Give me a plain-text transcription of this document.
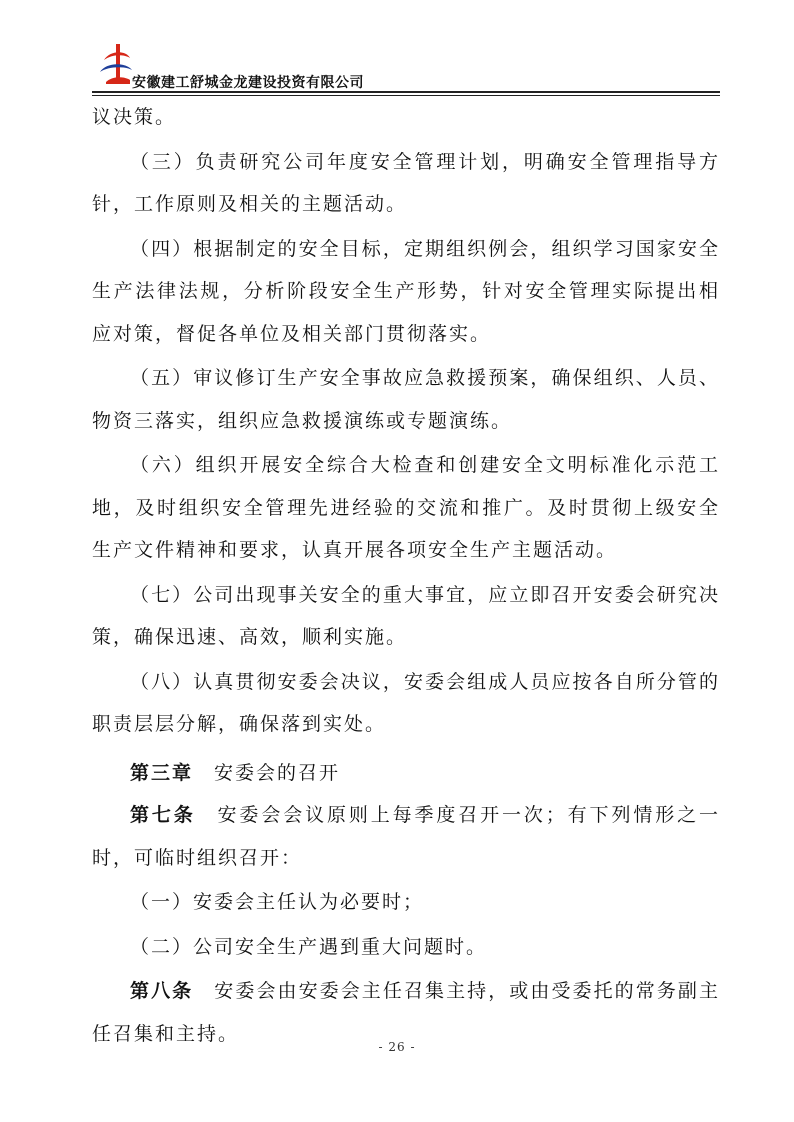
安徽建工舒城金龙建设投资有限公司

议决策。

（三）负责研究公司年度安全管理计划，明确安全管理指导方针，工作原则及相关的主题活动。

（四）根据制定的安全目标，定期组织例会，组织学习国家安全生产法律法规，分析阶段安全生产形势，针对安全管理实际提出相应对策，督促各单位及相关部门贯彻落实。

（五）审议修订生产安全事故应急救援预案，确保组织、人员、物资三落实，组织应急救援演练或专题演练。

（六）组织开展安全综合大检查和创建安全文明标准化示范工地，及时组织安全管理先进经验的交流和推广。及时贯彻上级安全生产文件精神和要求，认真开展各项安全生产主题活动。

（七）公司出现事关安全的重大事宜，应立即召开安委会研究决策，确保迅速、高效，顺利实施。

（八）认真贯彻安委会决议，安委会组成人员应按各自所分管的职责层层分解，确保落到实处。

第三章　 安委会的召开

第七条　 安委会会议原则上每季度召开一次；有下列情形之一时，可临时组织召开：

（一）安委会主任认为必要时；

（二）公司安全生产遇到重大问题时。

第八条　 安委会由安委会主任召集主持，或由受委托的常务副主任召集和主持。

- 26 -
